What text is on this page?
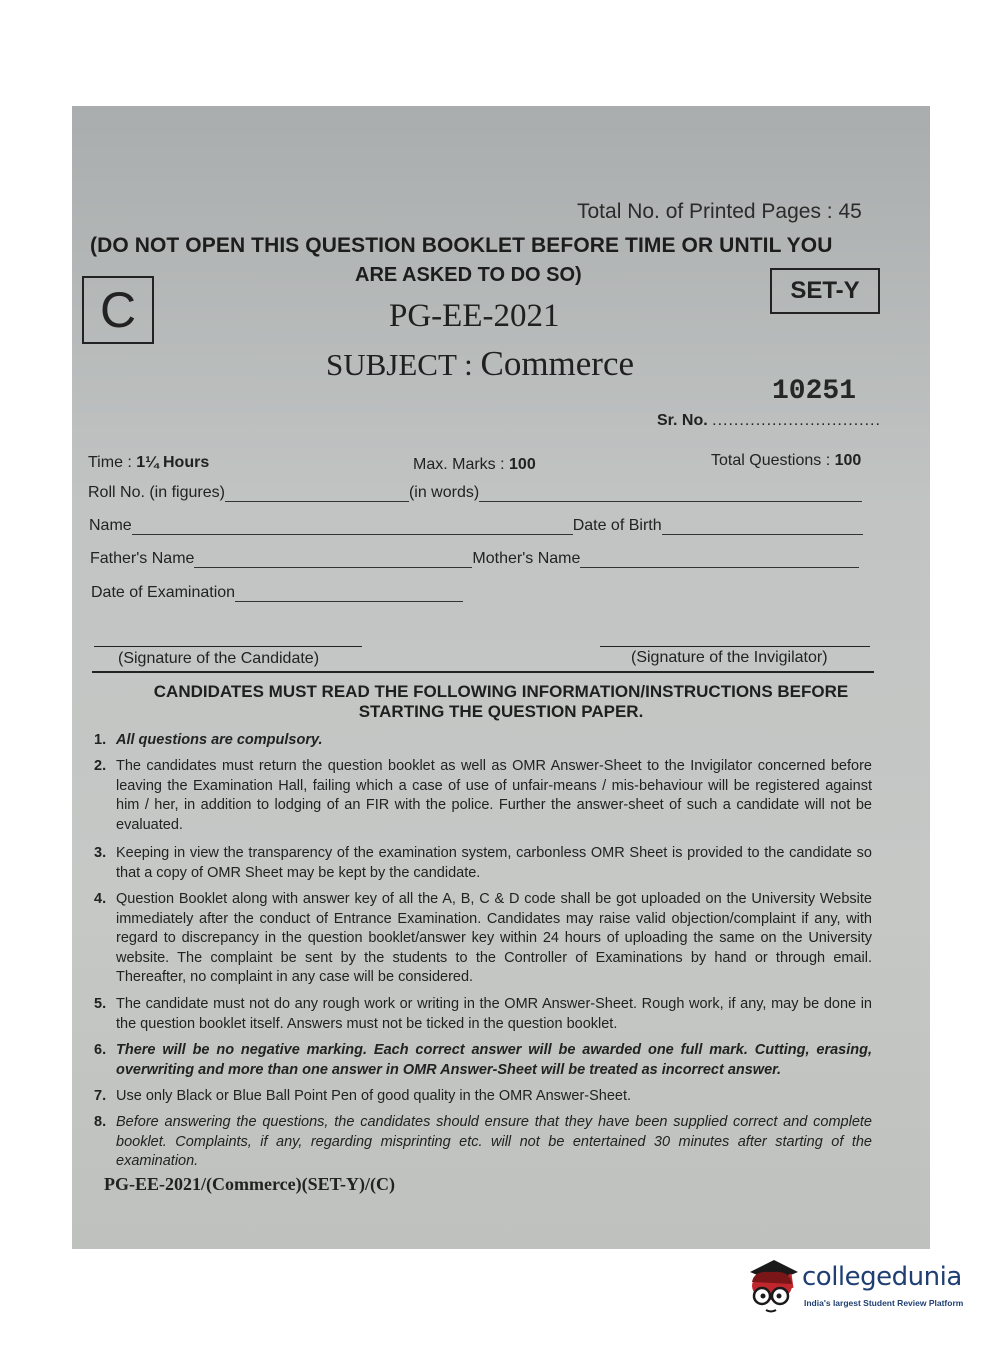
Total No. of Printed Pages : 45
(DO NOT OPEN THIS QUESTION BOOKLET BEFORE TIME OR UNTIL YOU
ARE ASKED TO DO SO)
C	SET-Y
PG-EE-2021
SUBJECT : Commerce
10251
Sr. No. ...............................
Time : 1¼ Hours	Max. Marks : 100	Total Questions : 100
Roll No. (in figures)	(in words)
Name	Date of Birth
Father's Name	Mother's Name
Date of Examination
(Signature of the Candidate)	(Signature of the Invigilator)
CANDIDATES MUST READ THE FOLLOWING INFORMATION/INSTRUCTIONS BEFORE
STARTING THE QUESTION PAPER.
1. All questions are compulsory.
2. The candidates must return the question booklet as well as OMR Answer-Sheet to the Invigilator concerned before leaving the Examination Hall, failing which a case of use of unfair-means / mis-behaviour will be registered against him / her, in addition to lodging of an FIR with the police. Further the answer-sheet of such a candidate will not be evaluated.
3. Keeping in view the transparency of the examination system, carbonless OMR Sheet is provided to the candidate so that a copy of OMR Sheet may be kept by the candidate.
4. Question Booklet along with answer key of all the A, B, C & D code shall be got uploaded on the University Website immediately after the conduct of Entrance Examination. Candidates may raise valid objection/complaint if any, with regard to discrepancy in the question booklet/answer key within 24 hours of uploading the same on the University website. The complaint be sent by the students to the Controller of Examinations by hand or through email. Thereafter, no complaint in any case will be considered.
5. The candidate must not do any rough work or writing in the OMR Answer-Sheet. Rough work, if any, may be done in the question booklet itself. Answers must not be ticked in the question booklet.
6. There will be no negative marking. Each correct answer will be awarded one full mark. Cutting, erasing, overwriting and more than one answer in OMR Answer-Sheet will be treated as incorrect answer.
7. Use only Black or Blue Ball Point Pen of good quality in the OMR Answer-Sheet.
8. Before answering the questions, the candidates should ensure that they have been supplied correct and complete booklet. Complaints, if any, regarding misprinting etc. will not be entertained 30 minutes after starting of the examination.
PG-EE-2021/(Commerce)(SET-Y)/(C)
collegedunia
India's largest Student Review Platform
